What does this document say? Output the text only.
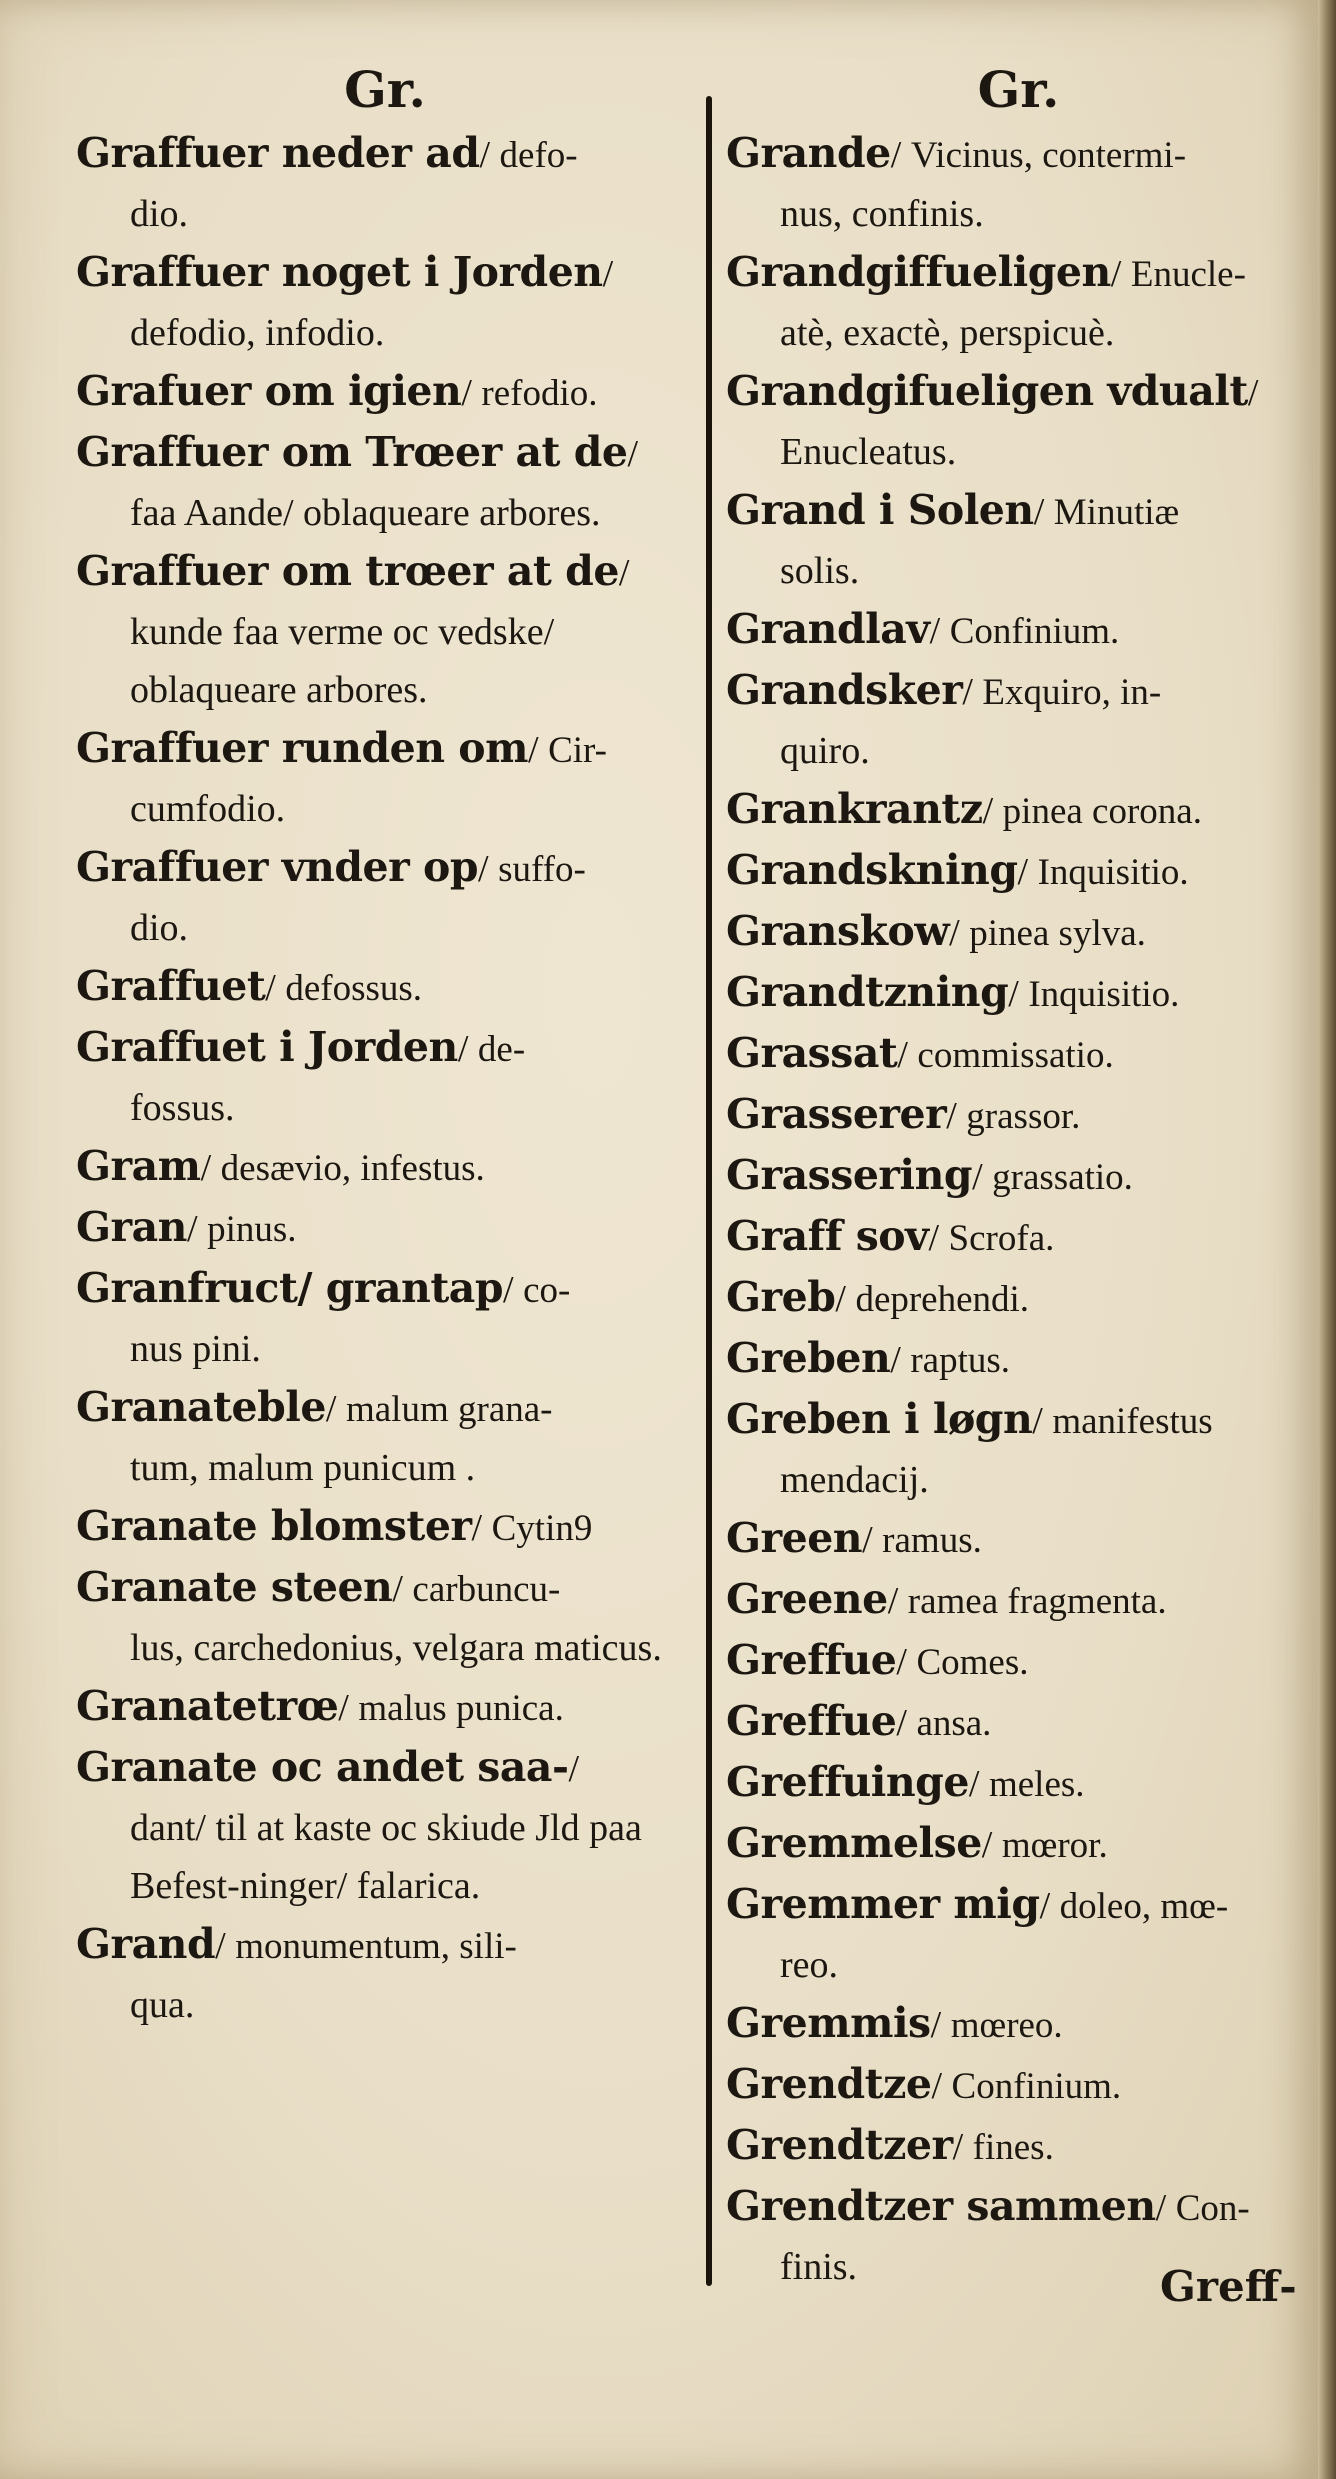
Gr.
Graffuer neder ad/ defo-
dio.
Graffuer noget i Jorden/
defodio, infodio.
Grafuer om igien/ refodio.
Graffuer om Trœer at de/
faa Aande/ oblaqueare arbores.
Graffuer om trœer at de/
kunde faa verme oc vedske/ oblaqueare arbores.
Graffuer runden om/ Cir-
cumfodio.
Graffuer vnder op/ suffo-
dio.
Graffuet/ defossus.
Graffuet i Jorden/ de-
fossus.
Gram/ desævio, infestus.
Gran/ pinus.
Granfruct/ grantap/ co-
nus pini.
Granateble/ malum grana-
tum, malum punicum .
Granate blomster/ Cytin9
Granate steen/ carbuncu-
lus, carchedonius, velgara maticus.
Granatetrœ/ malus punica.
Granate oc andet saa-/
dant/ til at kaste oc skiude Jld paa Befest-ninger/ falarica.
Grand/ monumentum, sili-
qua.
Gr.
Grande/ Vicinus, contermi-
nus, confinis.
Grandgiffueligen/ Enucle-
atè, exactè, perspicuè.
Grandgifueligen vdualt/
Enucleatus.
Grand i Solen/ Minutiæ
solis.
Grandlav/ Confinium.
Grandsker/ Exquiro, in-
quiro.
Grankrantz/ pinea corona.
Grandskning/ Inquisitio.
Granskow/ pinea sylva.
Grandtzning/ Inquisitio.
Grassat/ commissatio.
Grasserer/ grassor.
Grassering/ grassatio.
Graff sov/ Scrofa.
Greb/ deprehendi.
Greben/ raptus.
Greben i løgn/ manifestus
mendacij.
Green/ ramus.
Greene/ ramea fragmenta.
Greffue/ Comes.
Greffue/ ansa.
Greffuinge/ meles.
Gremmelse/ mœror.
Gremmer mig/ doleo, mœ-
reo.
Gremmis/ mœreo.
Grendtze/ Confinium.
Grendtzer/ fines.
Grendtzer sammen/ Con-
finis.	Greff-
